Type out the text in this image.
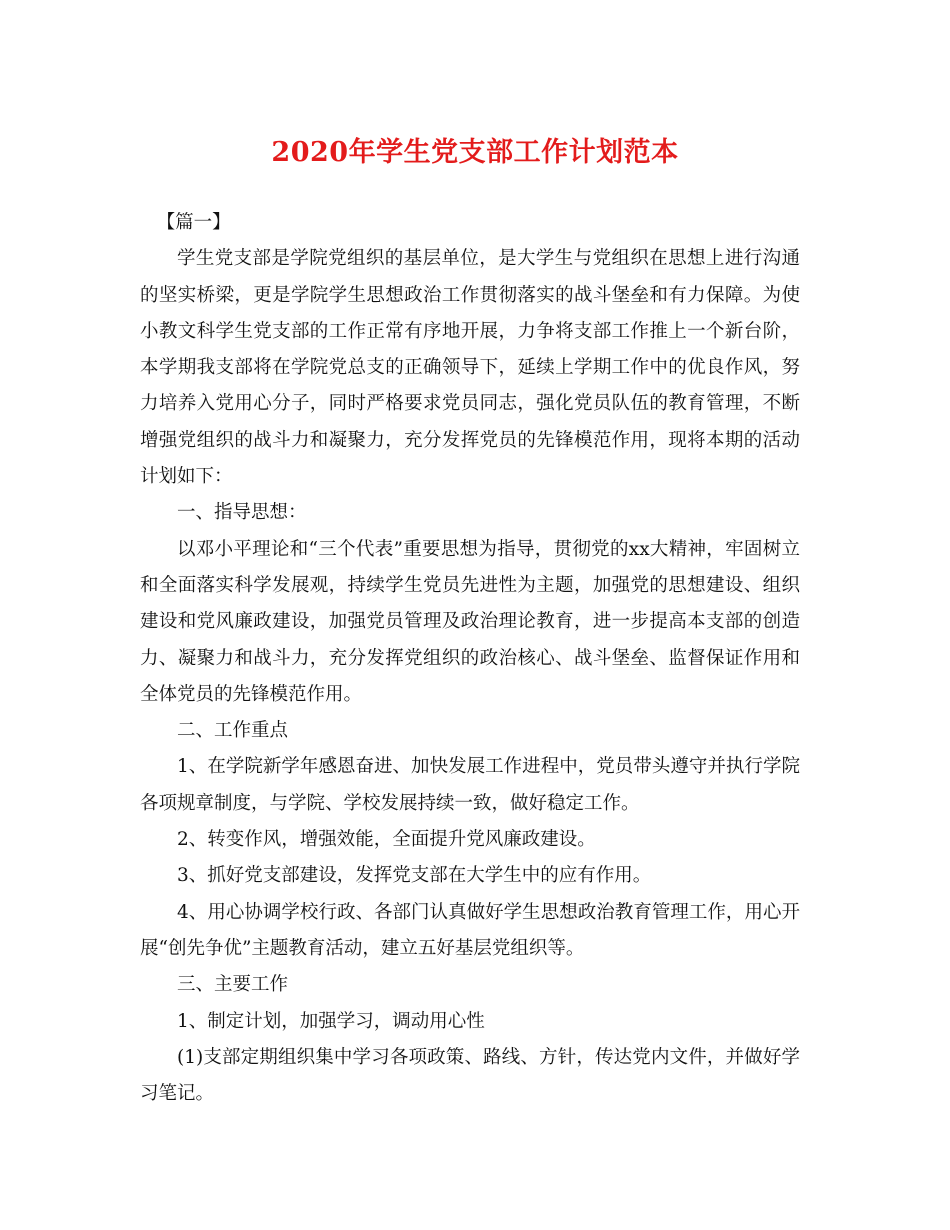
2020年学生党支部工作计划范本

【篇一】

学生党支部是学院党组织的基层单位，是大学生与党组织在思想上进行沟通的坚实桥梁，更是学院学生思想政治工作贯彻落实的战斗堡垒和有力保障。为使小教文科学生党支部的工作正常有序地开展，力争将支部工作推上一个新台阶，本学期我支部将在学院党总支的正确领导下，延续上学期工作中的优良作风，努力培养入党用心分子，同时严格要求党员同志，强化党员队伍的教育管理，不断增强党组织的战斗力和凝聚力，充分发挥党员的先锋模范作用，现将本期的活动计划如下：

一、指导思想：

以邓小平理论和“三个代表”重要思想为指导，贯彻党的xx大精神，牢固树立和全面落实科学发展观，持续学生党员先进性为主题，加强党的思想建设、组织建设和党风廉政建设，加强党员管理及政治理论教育，进一步提高本支部的创造力、凝聚力和战斗力，充分发挥党组织的政治核心、战斗堡垒、监督保证作用和全体党员的先锋模范作用。

二、工作重点

1、在学院新学年感恩奋进、加快发展工作进程中，党员带头遵守并执行学院各项规章制度，与学院、学校发展持续一致，做好稳定工作。

2、转变作风，增强效能，全面提升党风廉政建设。

3、抓好党支部建设，发挥党支部在大学生中的应有作用。

4、用心协调学校行政、各部门认真做好学生思想政治教育管理工作，用心开展“创先争优”主题教育活动，建立五好基层党组织等。

三、主要工作

1、制定计划，加强学习，调动用心性

(1)支部定期组织集中学习各项政策、路线、方针，传达党内文件，并做好学习笔记。
